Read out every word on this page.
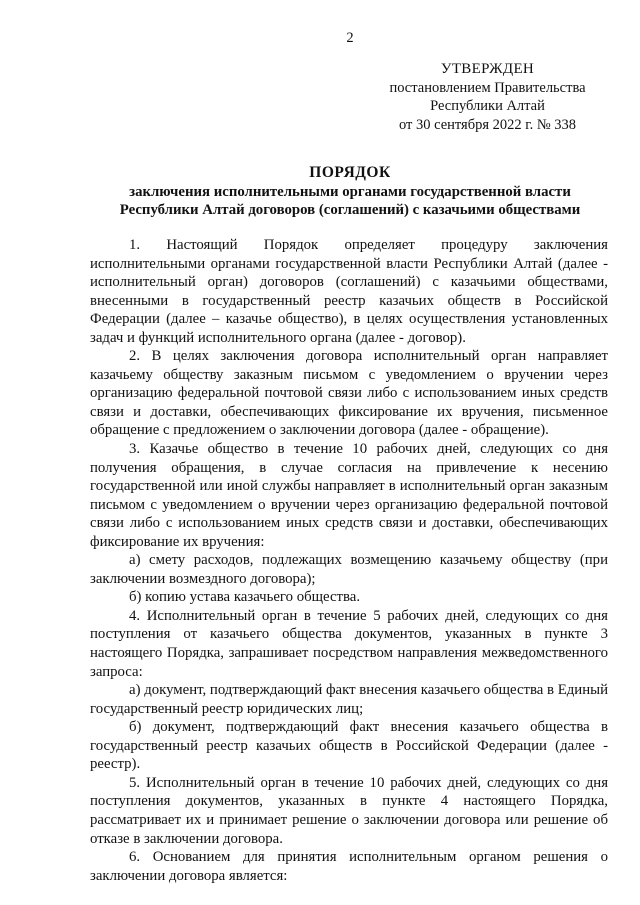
2
УТВЕРЖДЕН
постановлением Правительства
Республики Алтай
от 30 сентября 2022 г. № 338
ПОРЯДОК
заключения исполнительными органами государственной власти
Республики Алтай договоров (соглашений) с казачьими обществами

1. Настоящий Порядок определяет процедуру заключения исполнительными органами государственной власти Республики Алтай (далее - исполнительный орган) договоров (соглашений) с казачьими обществами, внесенными в государственный реестр казачьих обществ в Российской Федерации (далее – казачье общество), в целях осуществления установленных задач и функций исполнительного органа (далее - договор).

2. В целях заключения договора исполнительный орган направляет казачьему обществу заказным письмом с уведомлением о вручении через организацию федеральной почтовой связи либо с использованием иных средств связи и доставки, обеспечивающих фиксирование их вручения, письменное обращение с предложением о заключении договора (далее - обращение).

3. Казачье общество в течение 10 рабочих дней, следующих со дня получения обращения, в случае согласия на привлечение к несению государственной или иной службы направляет в исполнительный орган заказным письмом с уведомлением о вручении через организацию федеральной почтовой связи либо с использованием иных средств связи и доставки, обеспечивающих фиксирование их вручения:

а) смету расходов, подлежащих возмещению казачьему обществу (при заключении возмездного договора);

б) копию устава казачьего общества.

4. Исполнительный орган в течение 5 рабочих дней, следующих со дня поступления от казачьего общества документов, указанных в пункте 3 настоящего Порядка, запрашивает посредством направления межведомственного запроса:

а) документ, подтверждающий факт внесения казачьего общества в Единый государственный реестр юридических лиц;

б) документ, подтверждающий факт внесения казачьего общества в государственный реестр казачьих обществ в Российской Федерации (далее - реестр).

5. Исполнительный орган в течение 10 рабочих дней, следующих со дня поступления документов, указанных в пункте 4 настоящего Порядка, рассматривает их и принимает решение о заключении договора или решение об отказе в заключении договора.

6. Основанием для принятия исполнительным органом решения о заключении договора является:
